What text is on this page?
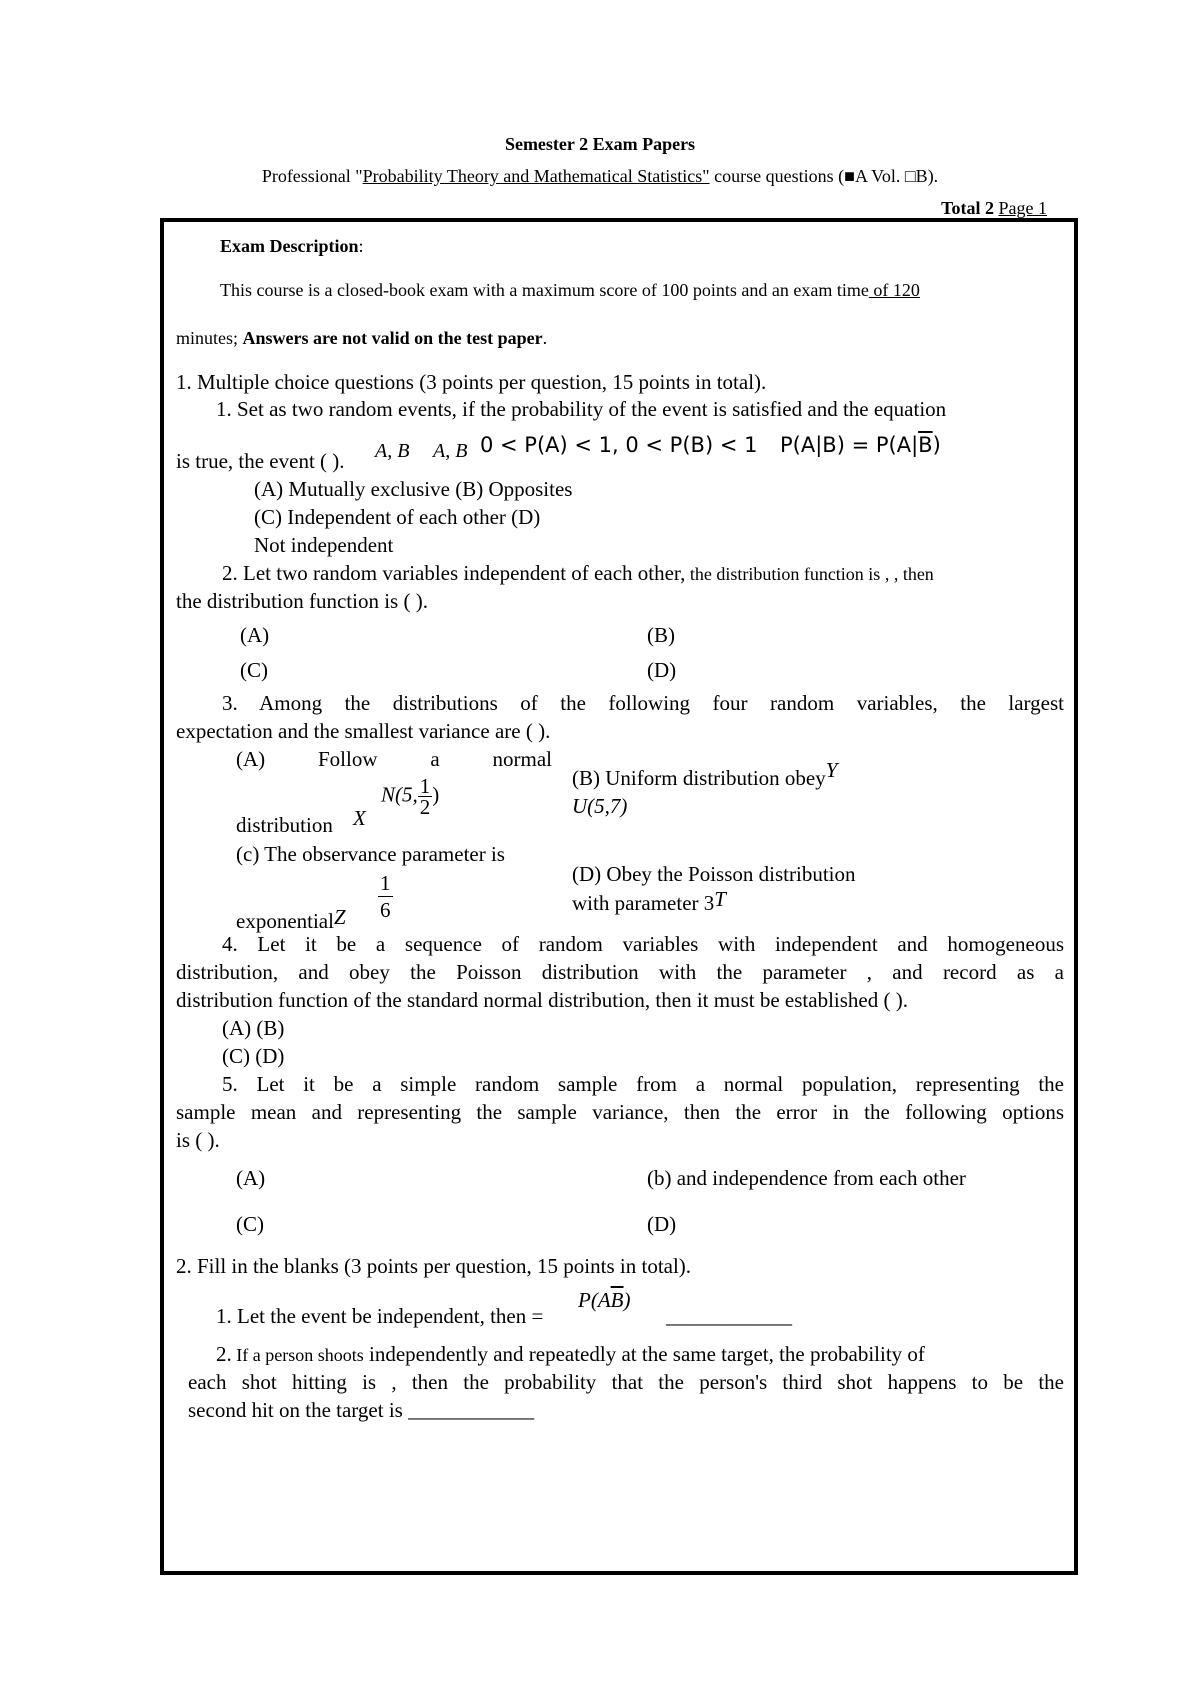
Semester 2 Exam Papers
Professional "Probability Theory and Mathematical Statistics" course questions (■A Vol. □B).
Total 2 Page 1
Exam Description:
This course is a closed-book exam with a maximum score of 100 points and an exam time of 120
minutes; Answers are not valid on the test paper.
1. Multiple choice questions (3 points per question, 15 points in total).
1. Set as two random events, if the probability of the event is satisfied and the equation
is true, the event ( ). A, B A, B 0 < P(A) < 1, 0 < P(B) < 1 $P(A|B) = P(A|\overline{B})$
(A) Mutually exclusive (B) Opposites
(C) Independent of each other (D)
Not independent
2. Let two random variables independent of each other, the distribution function is , , then
the distribution function is ( ).
(A)	(B)
(C)	(D)
3. Among the distributions of the following four random variables, the largest
expectation and the smallest variance are ( ).
(A) Follow a normal
distribution X
N(5, $\frac{1}{2}$ )
(B) Uniform distribution obeyY
U(5,7)
(c) The observance parameter is
exponentialZ $\frac{1}{6}$	(D) Obey the Poisson distribution
with parameter 3T
4. Let it be a sequence of random variables with independent and homogeneous
distribution, and obey the Poisson distribution with the parameter , and record as a
distribution function of the standard normal distribution, then it must be established ( ).
(A) (B)
(C) (D)
5. Let it be a simple random sample from a normal population, representing the
sample mean and representing the sample variance, then the error in the following options
is ( ).
(A)	(b) and independence from each other
(C)	(D)
2. Fill in the blanks (3 points per question, 15 points in total).
1. Let the event be independent, then =
$P(A\overline{B})$
____________
2. If a person shoots independently and repeatedly at the same target, the probability of
each shot hitting is , then the probability that the person's third shot happens to be the
second hit on the target is ____________
